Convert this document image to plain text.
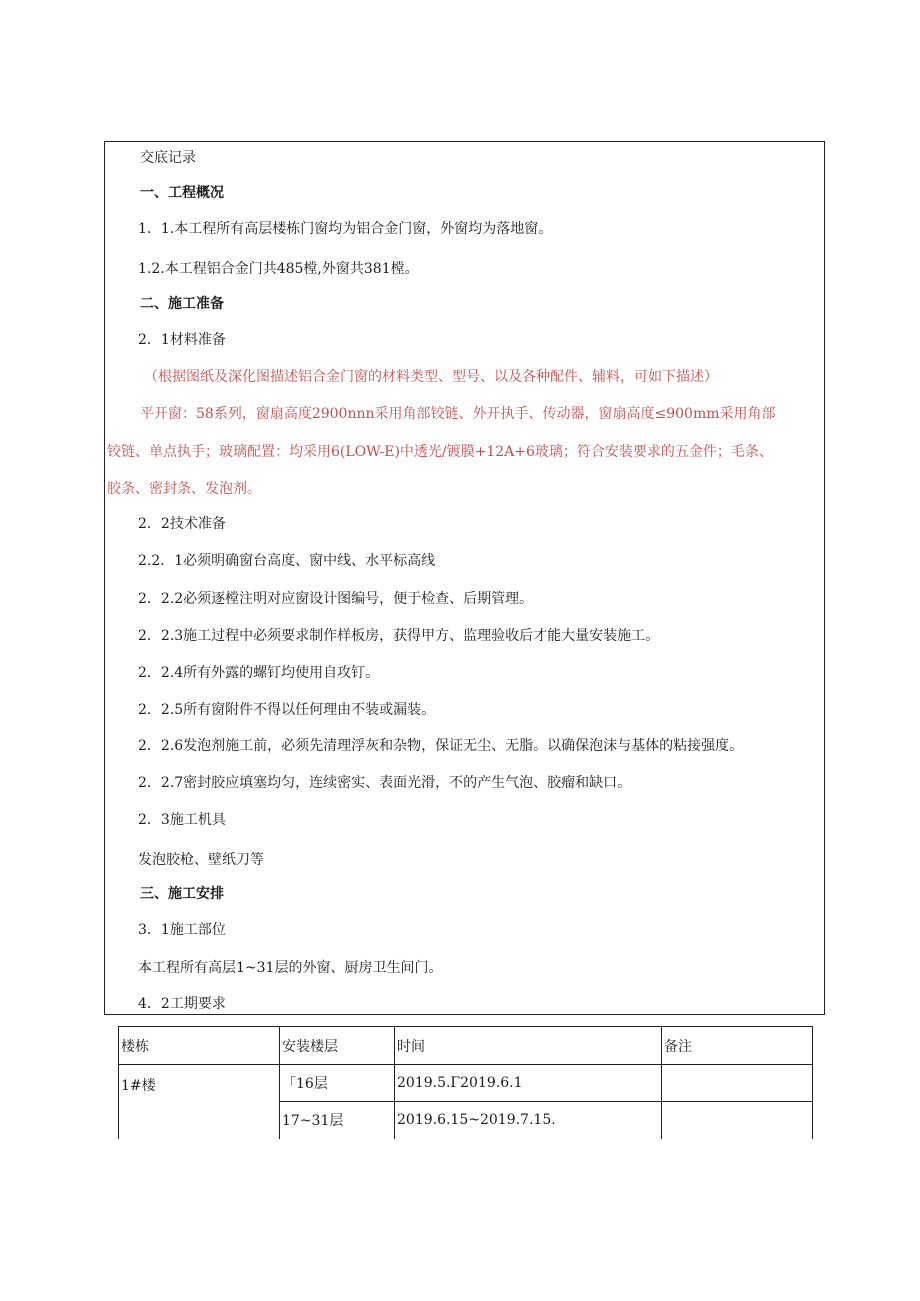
交底记录
一、工程概况
1．1.本工程所有高层楼栋门窗均为铝合金门窗，外窗均为落地窗。
1.2.本工程铝合金门共485樘,外窗共381樘。
二、施工准备
2．1材料准备
（根据图纸及深化图描述铝合金门窗的材料类型、型号、以及各种配件、辅料，可如下描述）
平开窗：58系列，窗扇高度2900nnn采用角部铰链、外开执手、传动器，窗扇高度≤900mm采用角部
铰链、单点执手；玻璃配置：均采用6(LOW-E)中透光/镀膜+12A+6玻璃；符合安装要求的五金件；毛条、
胶条、密封条、发泡剂。
2．2技术准备
2.2．1必须明确窗台高度、窗中线、水平标高线
2．2.2必须逐樘注明对应窗设计图编号，便于检查、后期管理。
2．2.3施工过程中必须要求制作样板房，获得甲方、监理验收后才能大量安装施工。
2．2.4所有外露的螺钉均使用自攻钉。
2．2.5所有窗附件不得以任何理由不装或漏装。
2．2.6发泡剂施工前，必须先清理浮灰和杂物，保证无尘、无脂。以确保泡沫与基体的粘接强度。
2．2.7密封胶应填塞均匀，连续密实、表面光滑，不的产生气泡、胶瘤和缺口。
2．3施工机具
发泡胶枪、壁纸刀等
三、施工安排
3．1施工部位
本工程所有高层1~31层的外窗、厨房卫生间门。
4．2工期要求
楼栋	安装楼层	时间	备注
1#楼	「16层	2019.5.Γ2019.6.1	
	17~31层	2019.6.15~2019.7.15.	
